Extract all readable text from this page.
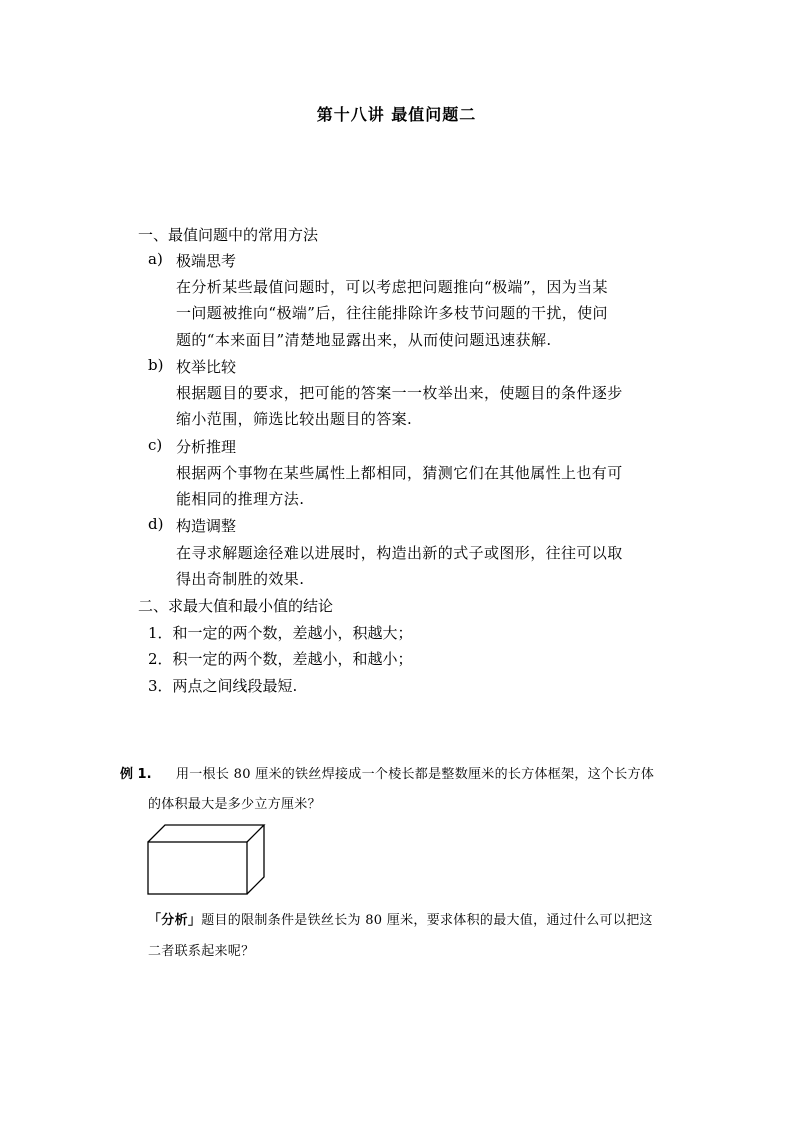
第十八讲 最值问题二
一、最值问题中的常用方法
a) 极端思考
在分析某些最值问题时，可以考虑把问题推向“极端”，因为当某
一问题被推向“极端”后，往往能排除许多枝节问题的干扰，使问
题的“本来面目”清楚地显露出来，从而使问题迅速获解.
b) 枚举比较
根据题目的要求，把可能的答案一一枚举出来，使题目的条件逐步
缩小范围，筛选比较出题目的答案.
c) 分析推理
根据两个事物在某些属性上都相同，猜测它们在其他属性上也有可
能相同的推理方法.
d) 构造调整
在寻求解题途径难以进展时，构造出新的式子或图形，往往可以取
得出奇制胜的效果.
二、求最大值和最小值的结论
1．和一定的两个数，差越小，积越大；
2．积一定的两个数，差越小，和越小；
3．两点之间线段最短.
例 1. 用一根长 80 厘米的铁丝焊接成一个棱长都是整数厘米的长方体框架，这个长方体
的体积最大是多少立方厘米？
「分析」题目的限制条件是铁丝长为 80 厘米，要求体积的最大值，通过什么可以把这
二者联系起来呢？
